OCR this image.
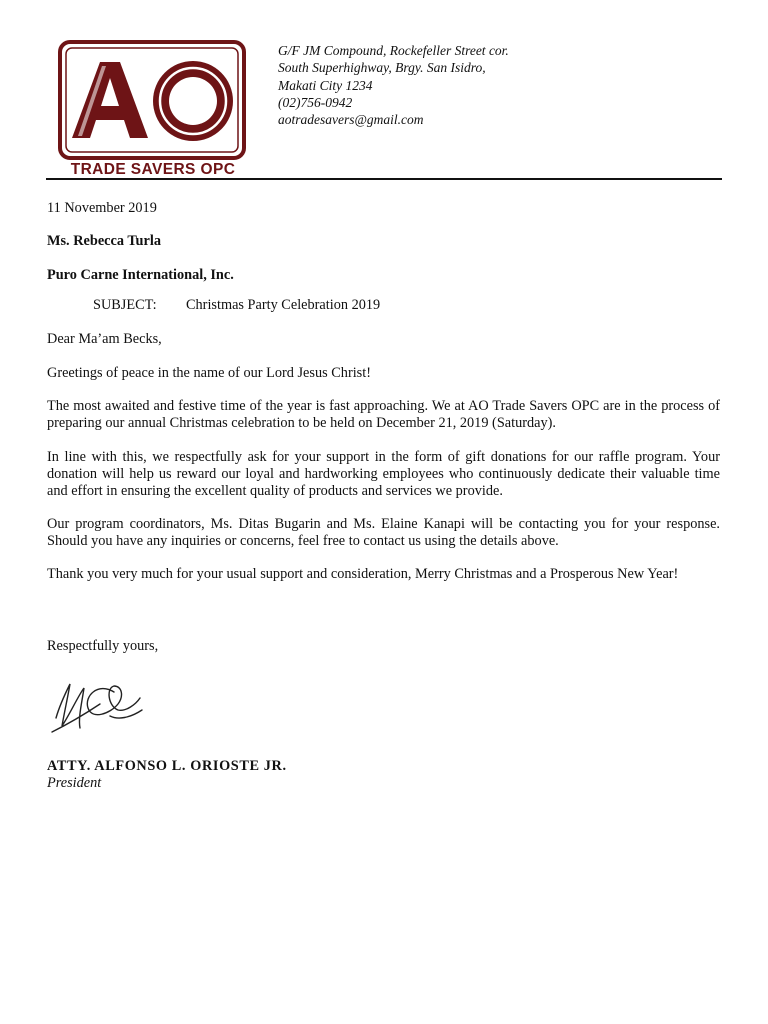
TRADE SAVERS OPC
G/F JM Compound, Rockefeller Street cor.
South Superhighway, Brgy. San Isidro,
Makati City 1234
(02)756-0942
aotradesavers@gmail.com
11 November 2019
Ms. Rebecca Turla
Puro Carne International, Inc.
SUBJECT: Christmas Party Celebration 2019
Dear Ma’am Becks,
Greetings of peace in the name of our Lord Jesus Christ!
The most awaited and festive time of the year is fast approaching. We at AO Trade Savers OPC are in the process of preparing our annual Christmas celebration to be held on December 21, 2019 (Saturday).
In line with this, we respectfully ask for your support in the form of gift donations for our raffle program. Your donation will help us reward our loyal and hardworking employees who continuously dedicate their valuable time and effort in ensuring the excellent quality of products and services we provide.
Our program coordinators, Ms. Ditas Bugarin and Ms. Elaine Kanapi will be contacting you for your response. Should you have any inquiries or concerns, feel free to contact us using the details above.
Thank you very much for your usual support and consideration, Merry Christmas and a Prosperous New Year!
Respectfully yours,
ATTY. ALFONSO L. ORIOSTE JR.
President
